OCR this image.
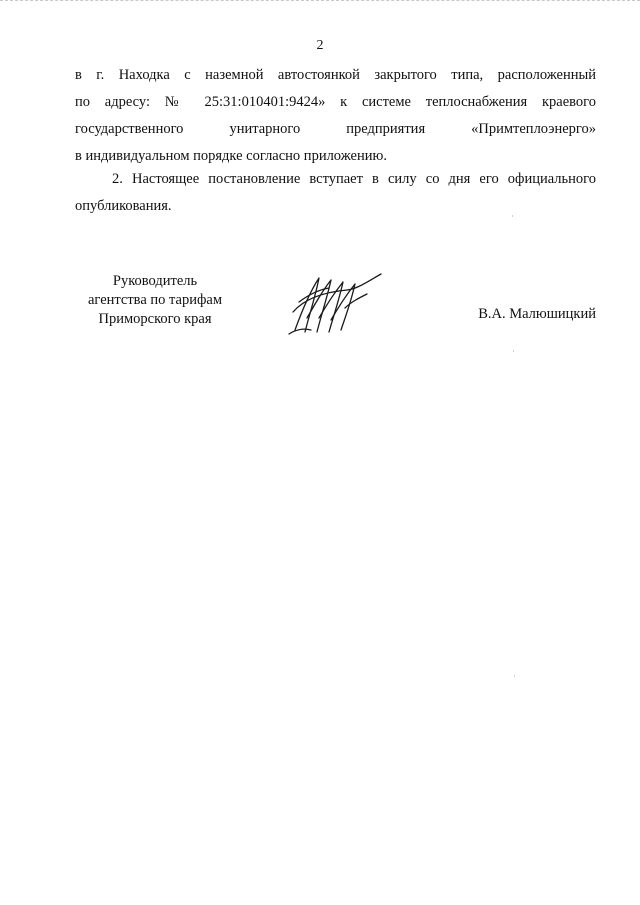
2
в г. Находка с наземной автостоянкой закрытого типа, расположенный
по адресу: № 25:31:010401:9424» к системе теплоснабжения краевого
государственного унитарного предприятия «Примтеплоэнерго»
в индивидуальном порядке согласно приложению.
2. Настоящее постановление вступает в силу со дня его официального
опубликования.
Руководитель
агентства по тарифам
Приморского края	В.А. Малюшицкий
